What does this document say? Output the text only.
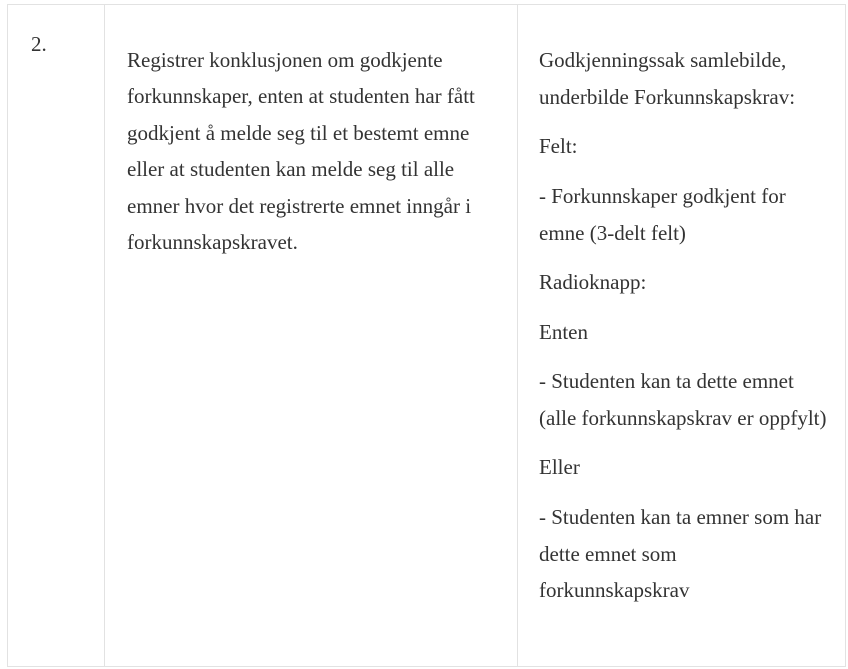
2.
Registrer konklusjonen om godkjente forkunnskaper, enten at studenten har fått godkjent å melde seg til et bestemt emne eller at studenten kan melde seg til alle emner hvor det registrerte emnet inngår i forkunnskapskravet.

Godkjenningssak samlebilde, underbilde Forkunnskapskrav:

Felt:

- Forkunnskaper godkjent for emne (3-delt felt)

Radioknapp:

Enten

- Studenten kan ta dette emnet (alle forkunnskapskrav er oppfylt)

Eller

- Studenten kan ta emner som har dette emnet som forkunnskapskrav
